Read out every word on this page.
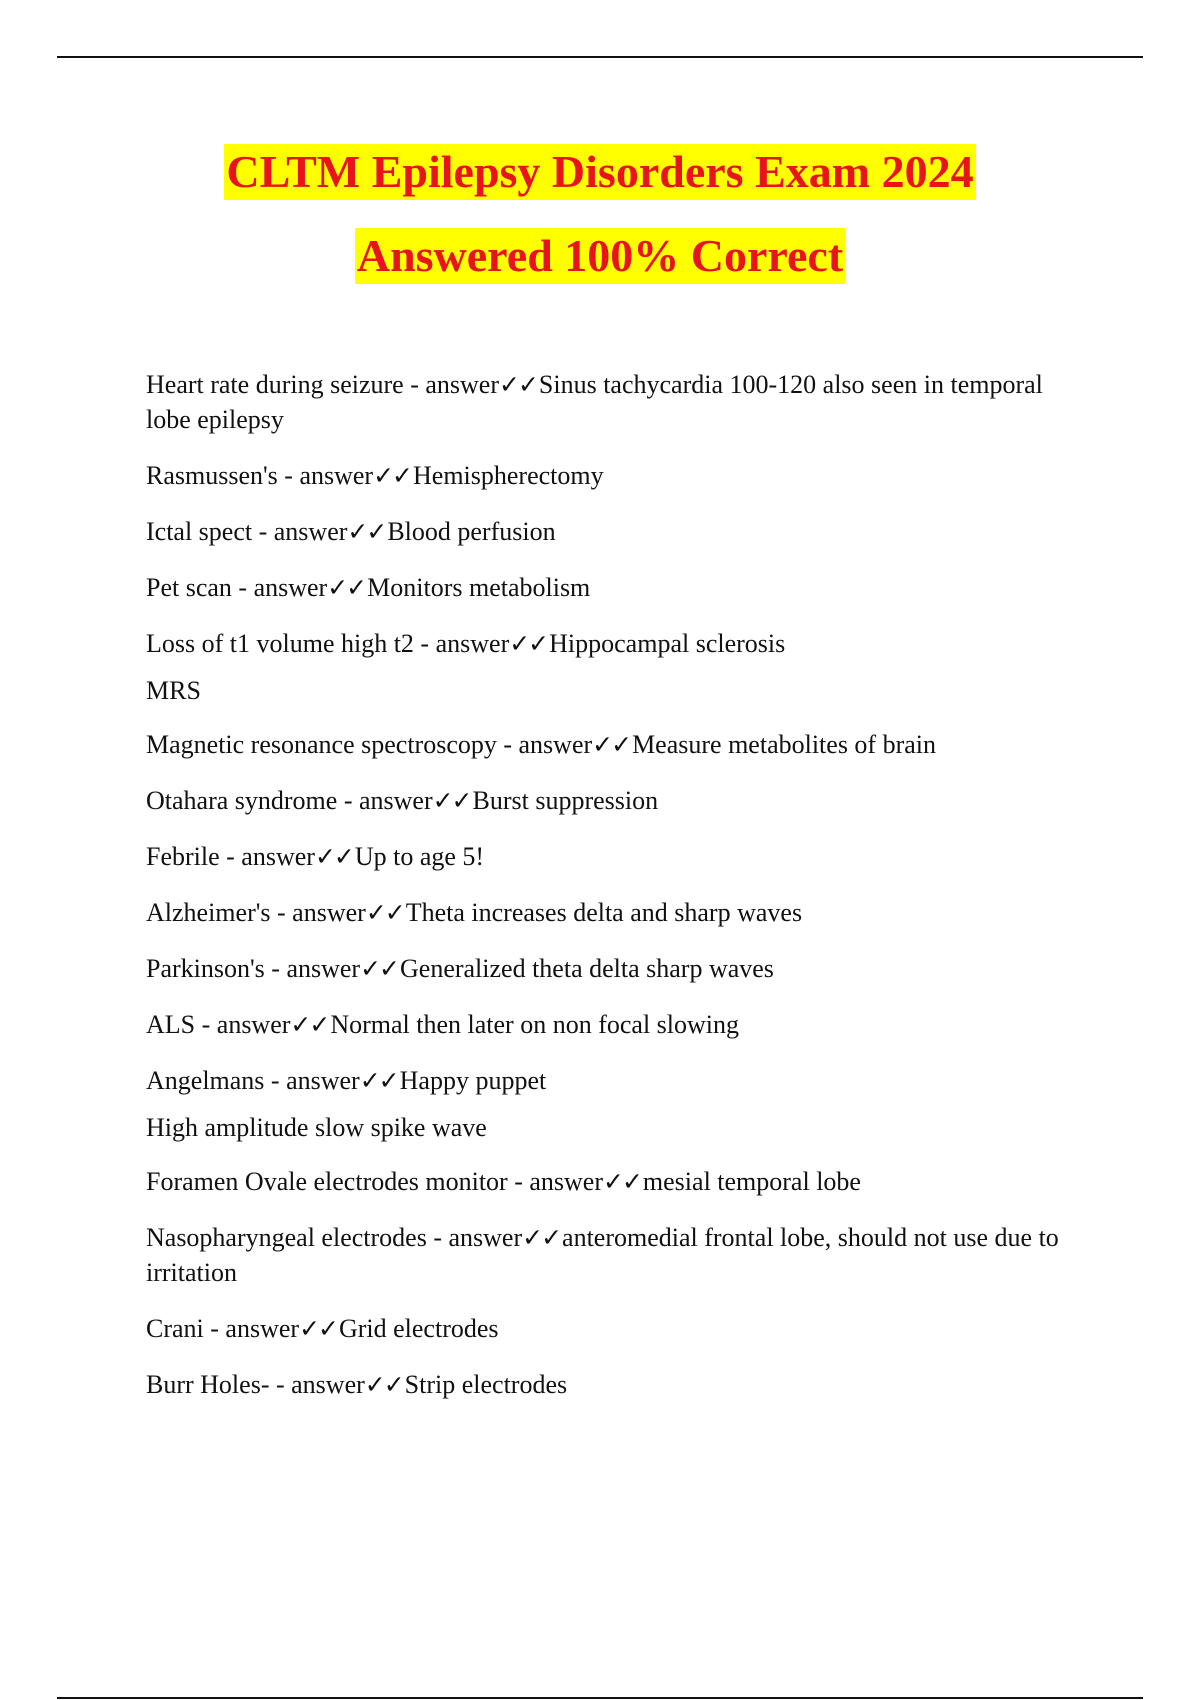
CLTM Epilepsy Disorders Exam 2024
Answered 100% Correct
Heart rate during seizure - answer✓✓Sinus tachycardia 100-120 also seen in temporal lobe epilepsy
Rasmussen's - answer✓✓Hemispherectomy
Ictal spect - answer✓✓Blood perfusion
Pet scan - answer✓✓Monitors metabolism
Loss of t1 volume high t2 - answer✓✓Hippocampal sclerosis
MRS
Magnetic resonance spectroscopy - answer✓✓Measure metabolites of brain
Otahara syndrome - answer✓✓Burst suppression
Febrile - answer✓✓Up to age 5!
Alzheimer's - answer✓✓Theta increases delta and sharp waves
Parkinson's - answer✓✓Generalized theta delta sharp waves
ALS - answer✓✓Normal then later on non focal slowing
Angelmans - answer✓✓Happy puppet
High amplitude slow spike wave
Foramen Ovale electrodes monitor - answer✓✓mesial temporal lobe
Nasopharyngeal electrodes - answer✓✓anteromedial frontal lobe, should not use due to irritation
Crani - answer✓✓Grid electrodes
Burr Holes- - answer✓✓Strip electrodes
